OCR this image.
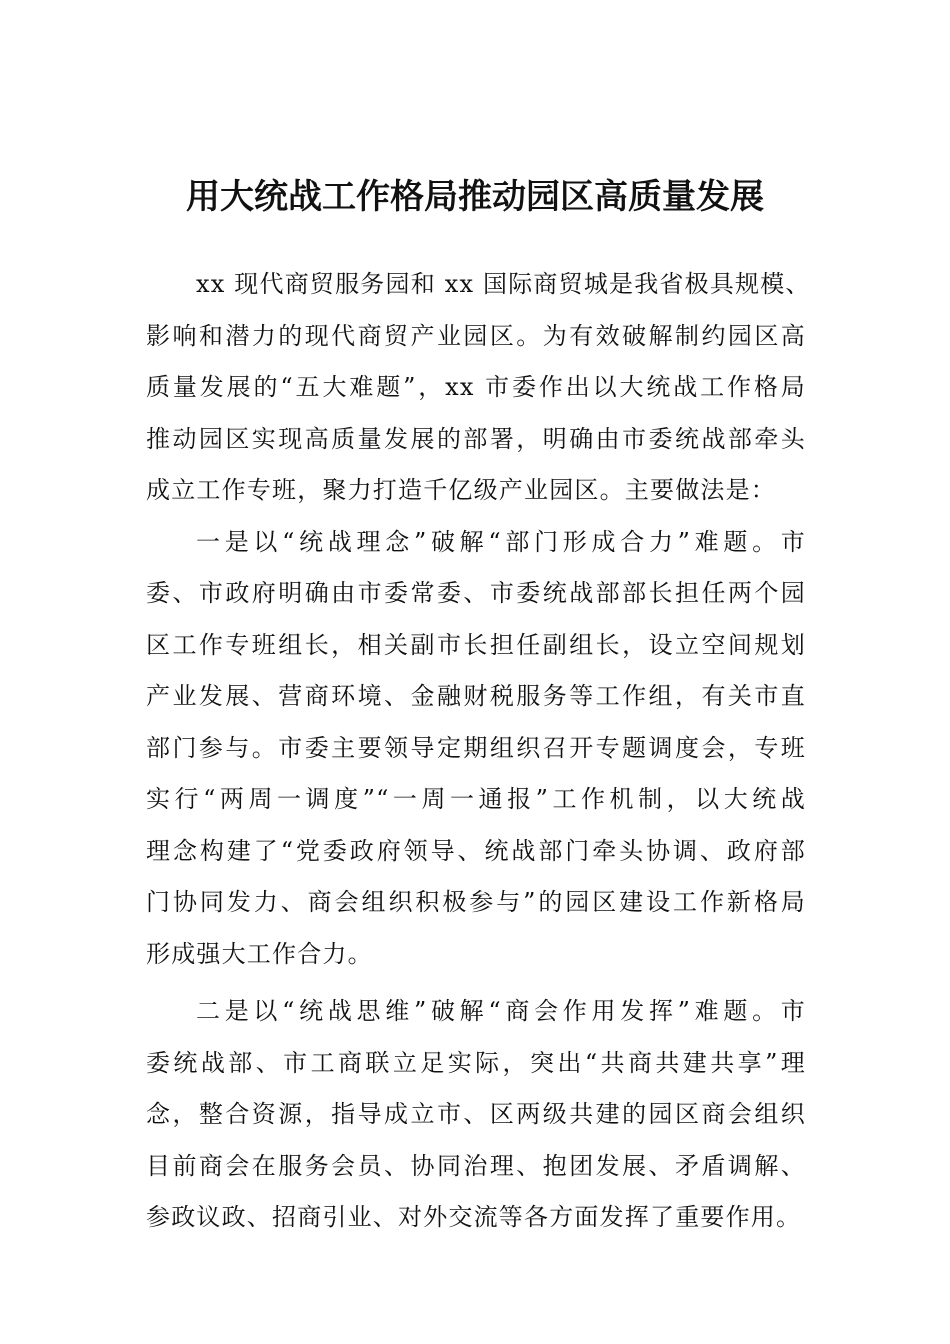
用大统战工作格局推动园区高质量发展
xx 现代商贸服务园和 xx 国际商贸城是我省极具规模、
影响和潜力的现代商贸产业园区。为有效破解制约园区高
质量发展的“五大难题”，xx 市委作出以大统战工作格局
推动园区实现高质量发展的部署，明确由市委统战部牵头
成立工作专班，聚力打造千亿级产业园区。主要做法是：
一是以“统战理念”破解“部门形成合力”难题。市
委、市政府明确由市委常委、市委统战部部长担任两个园
区工作专班组长，相关副市长担任副组长，设立空间规划
产业发展、营商环境、金融财税服务等工作组，有关市直
部门参与。市委主要领导定期组织召开专题调度会，专班
实行“两周一调度”“一周一通报”工作机制，以大统战
理念构建了“党委政府领导、统战部门牵头协调、政府部
门协同发力、商会组织积极参与”的园区建设工作新格局
形成强大工作合力。
二是以“统战思维”破解“商会作用发挥”难题。市
委统战部、市工商联立足实际，突出“共商共建共享”理
念，整合资源，指导成立市、区两级共建的园区商会组织
目前商会在服务会员、协同治理、抱团发展、矛盾调解、
参政议政、招商引业、对外交流等各方面发挥了重要作用。
